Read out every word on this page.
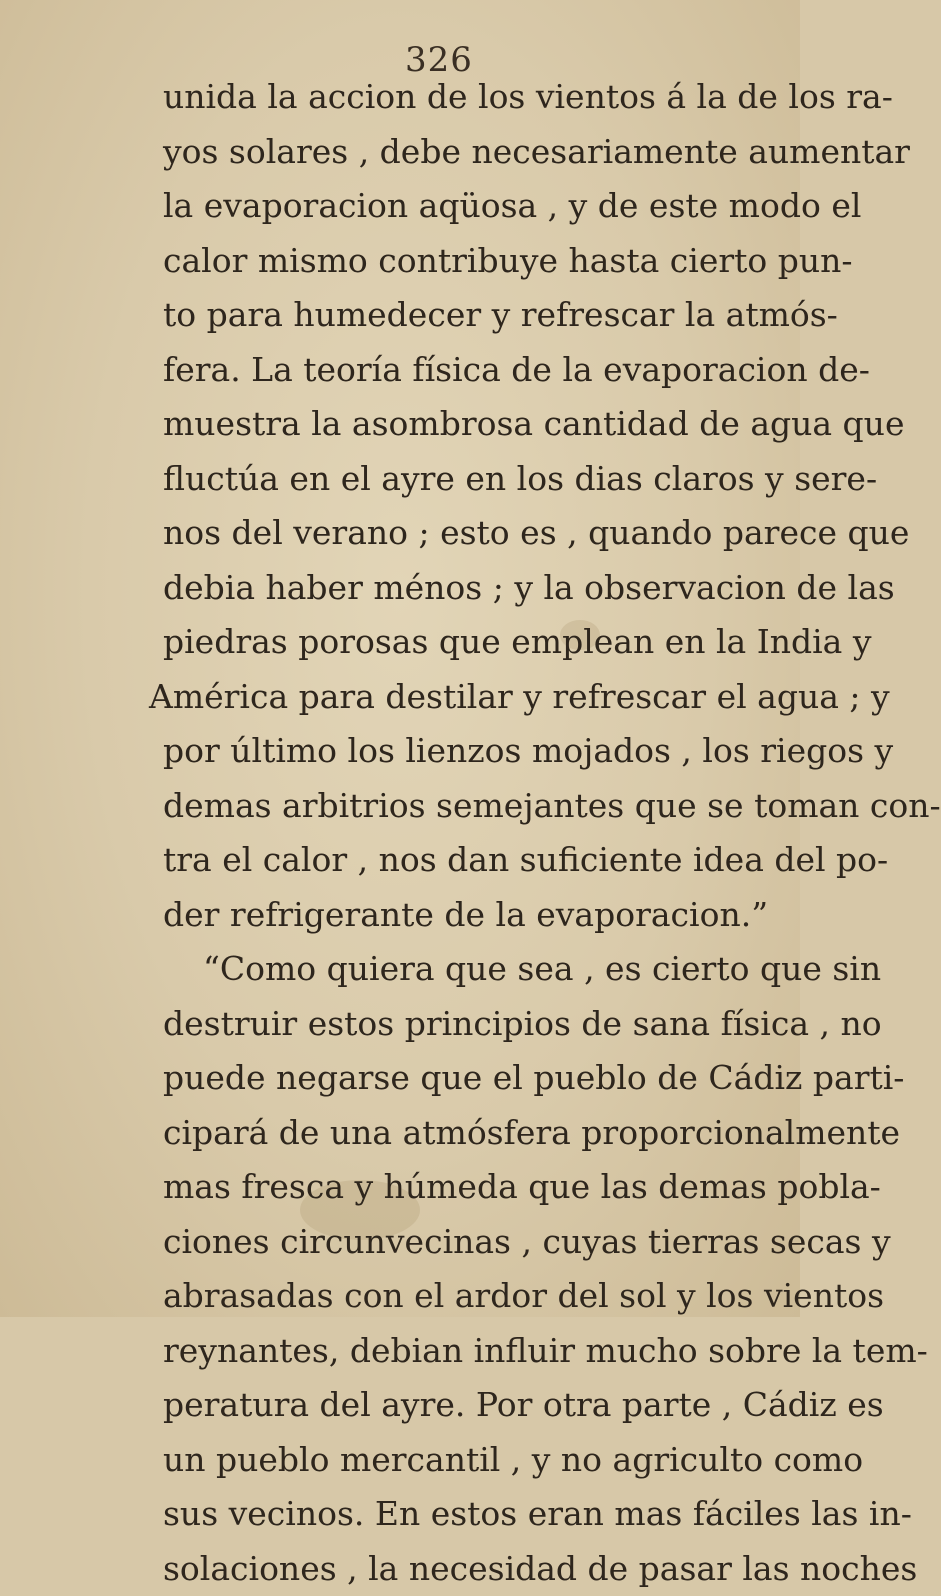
326
unida la accion de los vientos á la de los ra-
yos solares , debe necesariamente aumentar
la evaporacion aqüosa , y de este modo el
calor mismo contribuye hasta cierto pun-
to para humedecer y refrescar la atmós-
fera. La teoría física de la evaporacion de-
muestra la asombrosa cantidad de agua que
fluctúa en el ayre en los dias claros y sere-
nos del verano ; esto es , quando parece que
debia haber ménos ; y la observacion de las
piedras porosas que emplean en la India y
América para destilar y refrescar el agua ; y
por último los lienzos mojados , los riegos y
demas arbitrios semejantes que se toman con-
tra el calor , nos dan suficiente idea del po-
der refrigerante de la evaporacion.”
“Como quiera que sea , es cierto que sin
destruir estos principios de sana física , no
puede negarse que el pueblo de Cádiz parti-
cipará de una atmósfera proporcionalmente
mas fresca y húmeda que las demas pobla-
ciones circunvecinas , cuyas tierras secas y
abrasadas con el ardor del sol y los vientos
reynantes, debian influir mucho sobre la tem-
peratura del ayre. Por otra parte , Cádiz es
un pueblo mercantil , y no agriculto como
sus vecinos. En estos eran mas fáciles las in-
solaciones , la necesidad de pasar las noches
